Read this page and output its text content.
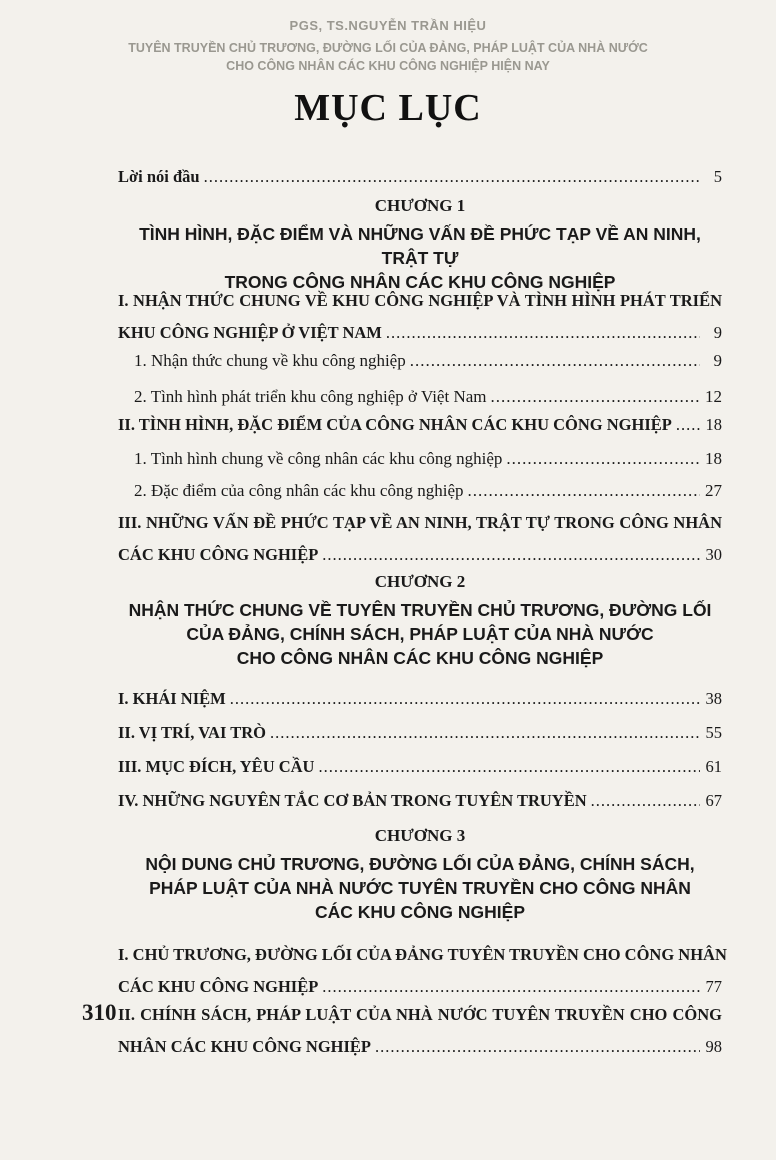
PGS, TS.NGUYỄN TRẦN HIỆU
TUYÊN TRUYỀN CHỦ TRƯƠNG, ĐƯỜNG LỐI CỦA ĐẢNG, PHÁP LUẬT CỦA NHÀ NƯỚC
CHO CÔNG NHÂN CÁC KHU CÔNG NGHIỆP HIỆN NAY
MỤC LỤC
Lời nói đầu .....	5
CHƯƠNG 1
TÌNH HÌNH, ĐẶC ĐIỂM VÀ NHỮNG VẤN ĐỀ PHỨC TẠP VỀ AN NINH, TRẬT TỰ
TRONG CÔNG NHÂN CÁC KHU CÔNG NGHIỆP
I. NHẬN THỨC CHUNG VỀ KHU CÔNG NGHIỆP VÀ TÌNH HÌNH PHÁT TRIỂN
KHU CÔNG NGHIỆP Ở VIỆT NAM .....	9
1. Nhận thức chung về khu công nghiệp .....	9
2. Tình hình phát triển khu công nghiệp ở Việt Nam .....	12
II. TÌNH HÌNH, ĐẶC ĐIỂM CỦA CÔNG NHÂN CÁC KHU CÔNG NGHIỆP ..... 18
1. Tình hình chung về công nhân các khu công nghiệp .....	18
2. Đặc điểm của công nhân các khu công nghiệp .....	27
III. NHỮNG VẤN ĐỀ PHỨC TẠP VỀ AN NINH, TRẬT TỰ TRONG CÔNG NHÂN
CÁC KHU CÔNG NGHIỆP .....	30
CHƯƠNG 2
NHẬN THỨC CHUNG VỀ TUYÊN TRUYỀN CHỦ TRƯƠNG, ĐƯỜNG LỐI
CỦA ĐẢNG, CHÍNH SÁCH, PHÁP LUẬT CỦA NHÀ NƯỚC
CHO CÔNG NHÂN CÁC KHU CÔNG NGHIỆP
I. KHÁI NIỆM .....	38
II. VỊ TRÍ, VAI TRÒ .....	55
III. MỤC ĐÍCH, YÊU CẦU .....	61
IV. NHỮNG NGUYÊN TẮC CƠ BẢN TRONG TUYÊN TRUYỀN .....	67
CHƯƠNG 3
NỘI DUNG CHỦ TRƯƠNG, ĐƯỜNG LỐI CỦA ĐẢNG, CHÍNH SÁCH,
PHÁP LUẬT CỦA NHÀ NƯỚC TUYÊN TRUYỀN CHO CÔNG NHÂN
CÁC KHU CÔNG NGHIỆP
I. CHỦ TRƯƠNG, ĐƯỜNG LỐI CỦA ĐẢNG TUYÊN TRUYỀN CHO CÔNG NHÂN
CÁC KHU CÔNG NGHIỆP .....	77
II. CHÍNH SÁCH, PHÁP LUẬT CỦA NHÀ NƯỚC TUYÊN TRUYỀN CHO CÔNG
NHÂN CÁC KHU CÔNG NGHIỆP .....	98
310
